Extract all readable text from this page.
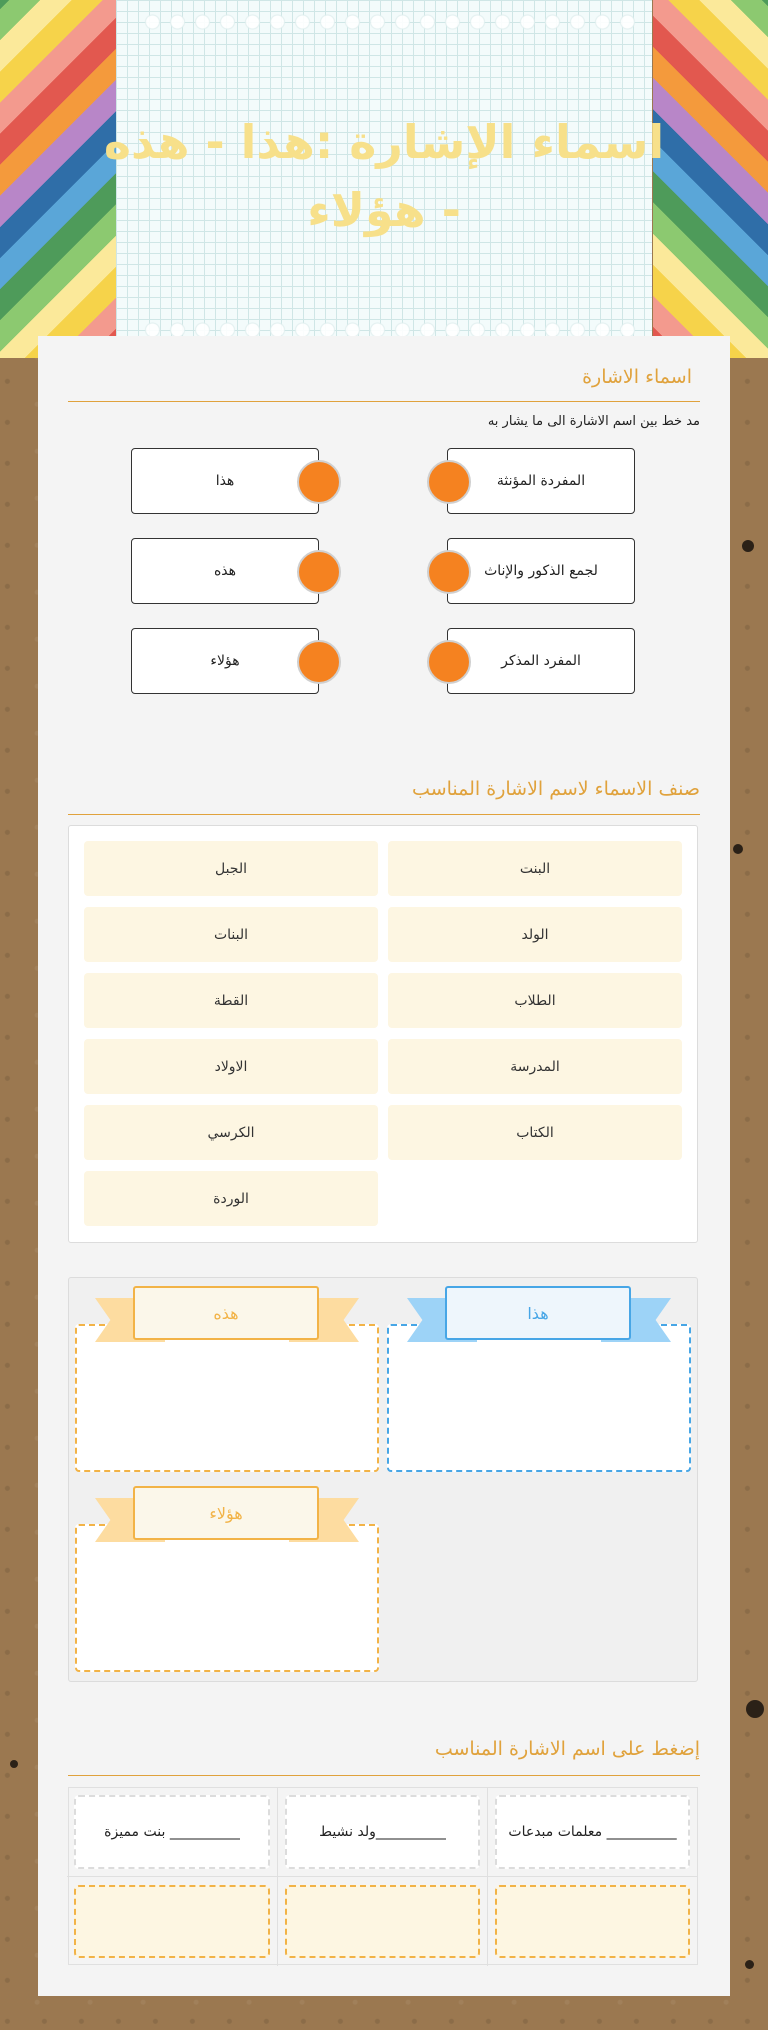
اسماء الإشارة :هذا - هذه - هؤلاء
اسماء الاشارة
مد خط بين اسم الاشارة الى ما يشار به
المفردة المؤنثة
لجمع الذكور والإناث
المفرد المذكر
هذا
هذه
هؤلاء
صنف الاسماء لاسم الاشارة المناسب
البنت
الجبل
الولد
البنات
الطلاب
القطة
المدرسة
الاولاد
الكتاب
الكرسي
الوردة
هذا
هذه
هؤلاء
إضغط على اسم الاشارة المناسب
__________ معلمات مبدعات
__________ولد نشيط
__________ بنت مميزة
